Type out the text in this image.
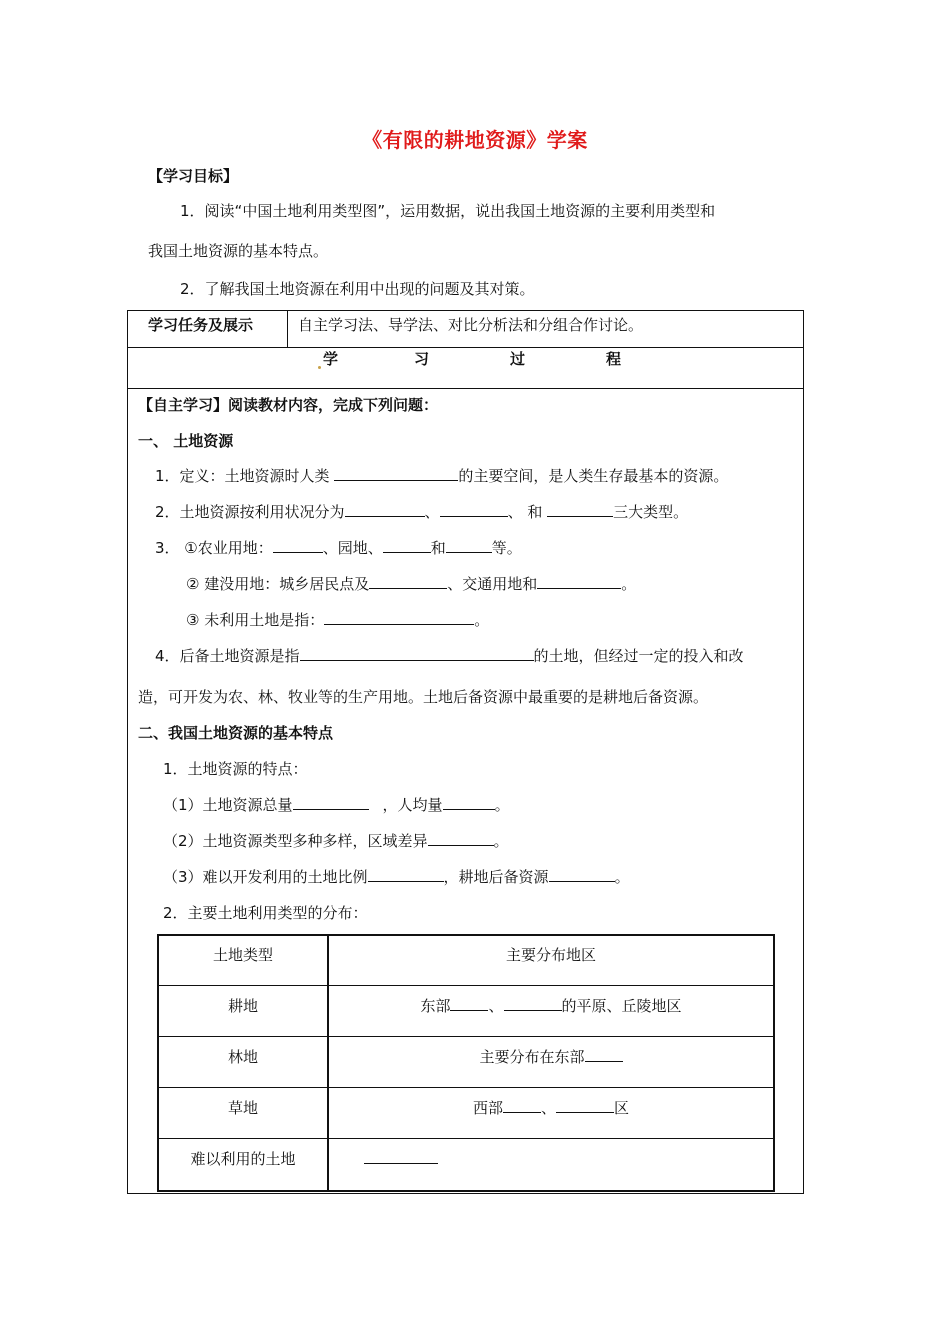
《有限的耕地资源》学案
【学习目标】
1．阅读“中国土地利用类型图”，运用数据，说出我国土地资源的主要利用类型和
我国土地资源的基本特点。
2．了解我国土地资源在利用中出现的问题及其对策。
学习任务及展示	自主学习法、导学法、对比分析法和分组合作讨论。
学	习	过	程
【自主学习】阅读教材内容，完成下列问题：
一、 土地资源
1．定义：土地资源时人类	的主要空间，是人类生存最基本的资源。
2．土地资源按利用状况分为	、	、 和	三大类型。
3． ①农业用地：	、园地、	和	等。
② 建没用地：城乡居民点及	、交通用地和	。
③ 未利用土地是指：	。
4．后备土地资源是指	的土地，但经过一定的投入和改
造，可开发为农、林、牧业等的生产用地。土地后备资源中最重要的是耕地后备资源。
二、我国土地资源的基本特点
1．土地资源的特点：
（1）土地资源总量	，人均量	。
（2）土地资源类型多种多样，区域差异	。
（3）难以开发利用的土地比例	，耕地后备资源	。
2．主要土地利用类型的分布：
土地类型	主要分布地区
耕地	东部	、	的平原、丘陵地区
林地	主要分布在东部
草地	西部	、	区
难以利用的土地
